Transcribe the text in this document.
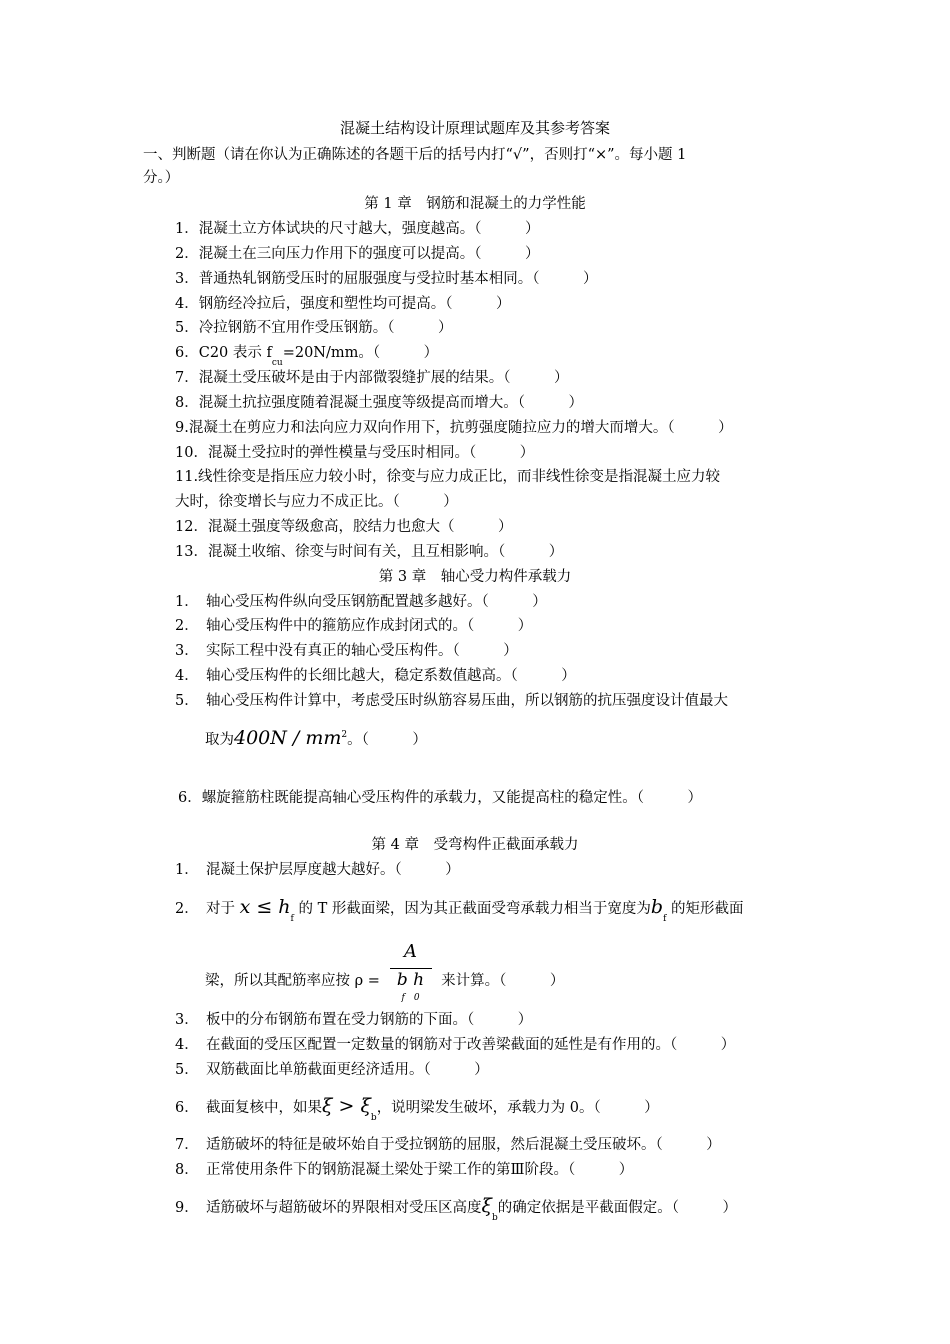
混凝土结构设计原理试题库及其参考答案
一、判断题（请在你认为正确陈述的各题干后的括号内打“√”，否则打“×”。每小题 1
分。）
第 1 章　钢筋和混凝土的力学性能
1．混凝土立方体试块的尺寸越大，强度越高。（　　　）
2．混凝土在三向压力作用下的强度可以提高。（　　　）
3．普通热轧钢筋受压时的屈服强度与受拉时基本相同。（　　　）
4．钢筋经冷拉后，强度和塑性均可提高。（　　　）
5．冷拉钢筋不宜用作受压钢筋。（　　　）
6．C20 表示 $f_{cu}=20N/mm$。（　　　）
7．混凝土受压破坏是由于内部微裂缝扩展的结果。（　　　）
8．混凝土抗拉强度随着混凝土强度等级提高而增大。（　　　）
9.混凝土在剪应力和法向应力双向作用下，抗剪强度随拉应力的增大而增大。（　　　）
10．混凝土受拉时的弹性模量与受压时相同。（　　　）
11.线性徐变是指压应力较小时，徐变与应力成正比，而非线性徐变是指混凝土应力较
大时，徐变增长与应力不成正比。（　　　）
12．混凝土强度等级愈高，胶结力也愈大（　　　）
13．混凝土收缩、徐变与时间有关，且互相影响。（　　　）
第 3 章　轴心受力构件承载力
1．　轴心受压构件纵向受压钢筋配置越多越好。（　　　）
2．　轴心受压构件中的箍筋应作成封闭式的。（　　　）
3．　实际工程中没有真正的轴心受压构件。（　　　）
4．　轴心受压构件的长细比越大，稳定系数值越高。（　　　）
5．　轴心受压构件计算中，考虑受压时纵筋容易压曲，所以钢筋的抗压强度设计值最大
取为$400N / mm^2$。（　　　）
6．螺旋箍筋柱既能提高轴心受压构件的承载力，又能提高柱的稳定性。（　　　）
第 4 章　受弯构件正截面承载力
1．　混凝土保护层厚度越大越好。（　　　）
2．　对于 $x \le h_f$ 的 T 形截面梁，因为其正截面受弯承载力相当于宽度为$b_f$ 的矩形截面
梁，所以其配筋率应按 ρ =
A
b h
f　0
来计算。（　　　）
3．　板中的分布钢筋布置在受力钢筋的下面。（　　　）
4．　在截面的受压区配置一定数量的钢筋对于改善梁截面的延性是有作用的。（　　　）
5．　双筋截面比单筋截面更经济适用。（　　　）
6．　截面复核中，如果$\xi > \xi_b$，说明梁发生破坏，承载力为 0。（　　　）
7．　适筋破坏的特征是破坏始自于受拉钢筋的屈服，然后混凝土受压破坏。（　　　）
8．　正常使用条件下的钢筋混凝土梁处于梁工作的第Ⅲ阶段。（　　　）
9．　适筋破坏与超筋破坏的界限相对受压区高度$\xi_b$的确定依据是平截面假定。（　　　）
